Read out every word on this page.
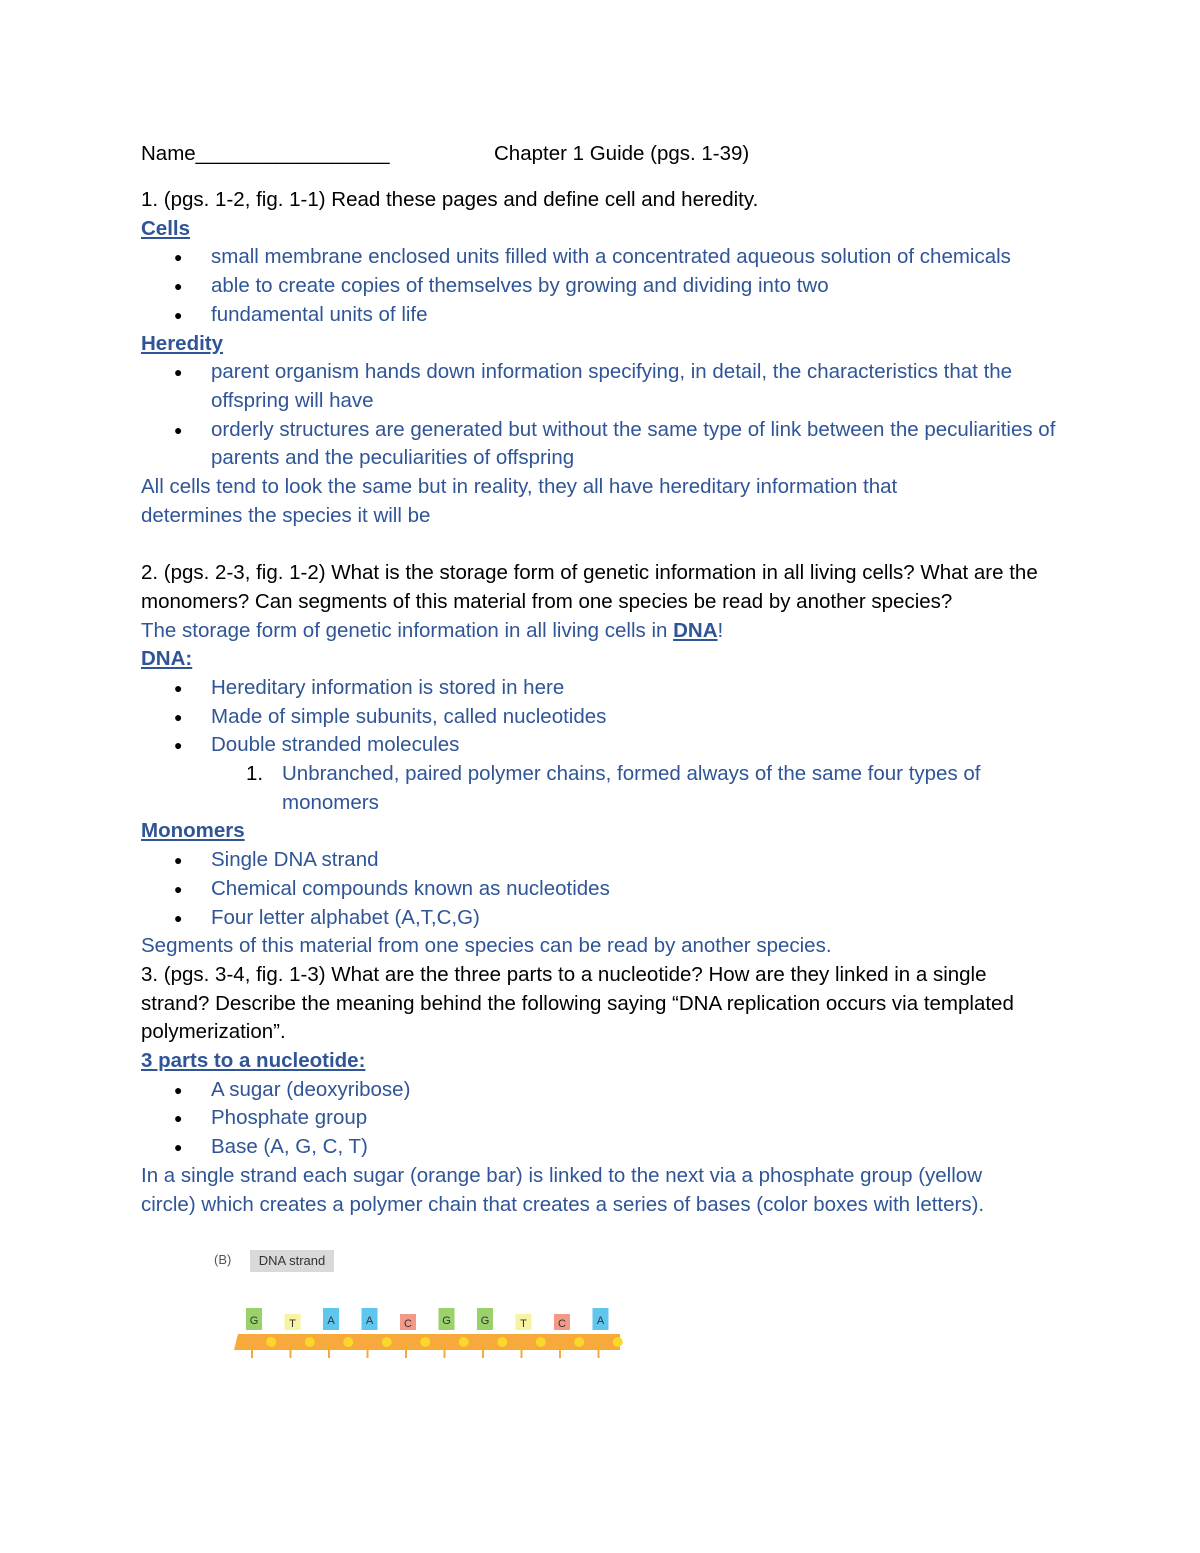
Name_________________	Chapter 1 Guide (pgs. 1-39)
1. (pgs. 1-2, fig. 1-1) Read these pages and define cell and heredity.
Cells
● small membrane enclosed units filled with a concentrated aqueous solution of chemicals
● able to create copies of themselves by growing and dividing into two
● fundamental units of life
Heredity
● parent organism hands down information specifying, in detail, the characteristics that the offspring will have
● orderly structures are generated but without the same type of link between the peculiarities of parents and the peculiarities of offspring
All cells tend to look the same but in reality, they all have hereditary information that determines the species it will be
2. (pgs. 2-3, fig. 1-2) What is the storage form of genetic information in all living cells? What are the monomers? Can segments of this material from one species be read by another species?
The storage form of genetic information in all living cells in DNA!
DNA:
● Hereditary information is stored in here
● Made of simple subunits, called nucleotides
● Double stranded molecules
1. Unbranched, paired polymer chains, formed always of the same four types of monomers
Monomers
● Single DNA strand
● Chemical compounds known as nucleotides
● Four letter alphabet (A,T,C,G)
Segments of this material from one species can be read by another species.
3. (pgs. 3-4, fig. 1-3) What are the three parts to a nucleotide? How are they linked in a single strand? Describe the meaning behind the following saying “DNA replication occurs via templated polymerization”.
3 parts to a nucleotide:
● A sugar (deoxyribose)
● Phosphate group
● Base (A, G, C, T)
In a single strand each sugar (orange bar) is linked to the next via a phosphate group (yellow circle) which creates a polymer chain that creates a series of bases (color boxes with letters).
(B)	DNA strand
G	T	A	A	C	G	G	T	C	A
